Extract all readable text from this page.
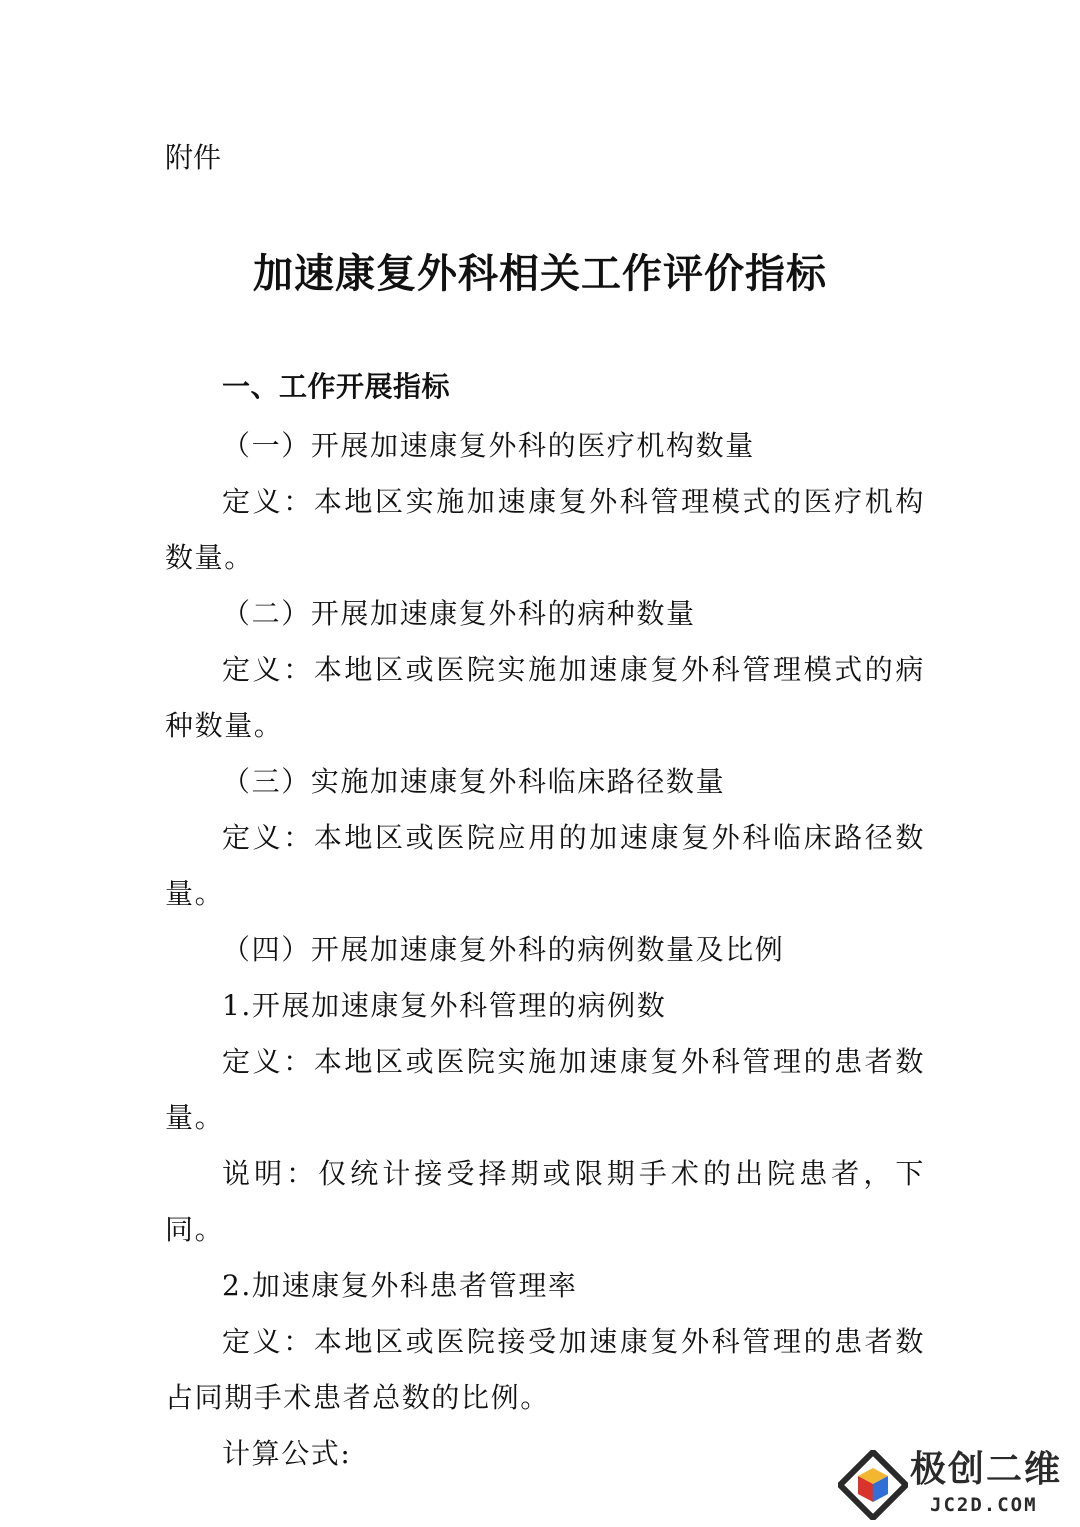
附件
加速康复外科相关工作评价指标

一、工作开展指标

（一）开展加速康复外科的医疗机构数量

定义：本地区实施加速康复外科管理模式的医疗机构数量。

（二）开展加速康复外科的病种数量

定义：本地区或医院实施加速康复外科管理模式的病种数量。

（三）实施加速康复外科临床路径数量

定义：本地区或医院应用的加速康复外科临床路径数量。

（四）开展加速康复外科的病例数量及比例

1.开展加速康复外科管理的病例数

定义：本地区或医院实施加速康复外科管理的患者数量。

说明：仅统计接受择期或限期手术的出院患者，下同。

2.加速康复外科患者管理率

定义：本地区或医院接受加速康复外科管理的患者数占同期手术患者总数的比例。

计算公式:	极创二维
JC2D.COM
